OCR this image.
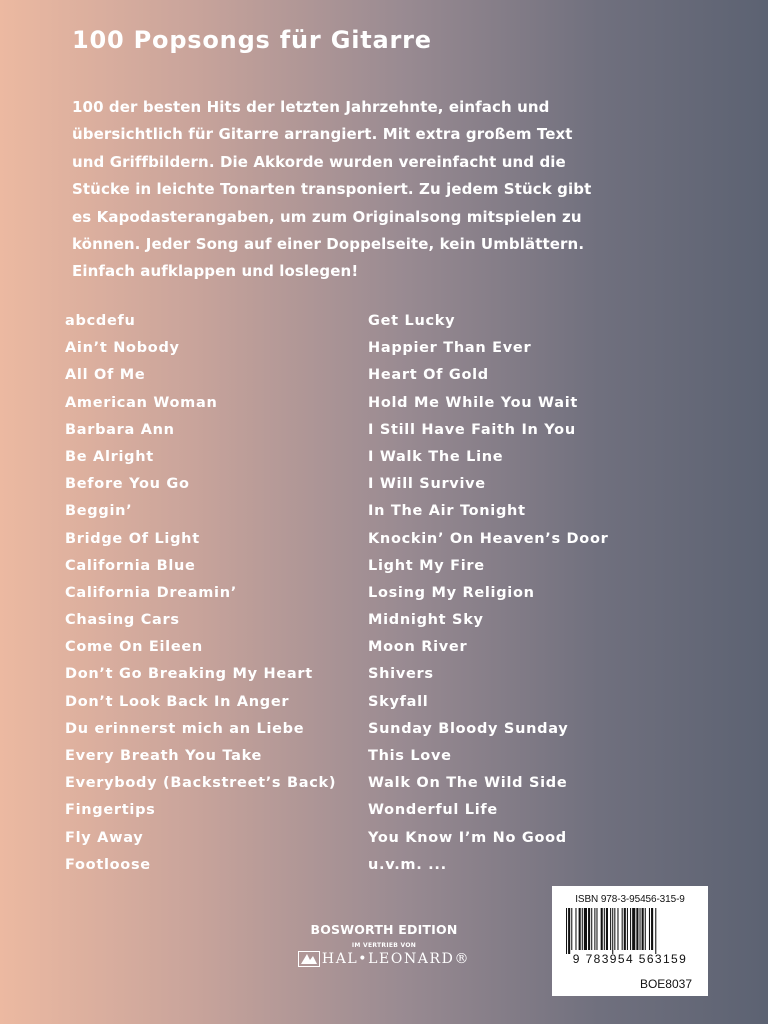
100 Popsongs für Gitarre
100 der besten Hits der letzten Jahrzehnte, einfach und
übersichtlich für Gitarre arrangiert. Mit extra großem Text
und Griffbildern. Die Akkorde wurden vereinfacht und die
Stücke in leichte Tonarten transponiert. Zu jedem Stück gibt
es Kapodasterangaben, um zum Originalsong mitspielen zu
können. Jeder Song auf einer Doppelseite, kein Umblättern.
Einfach aufklappen und loslegen!
abcdefu
Ain’t Nobody
All Of Me
American Woman
Barbara Ann
Be Alright
Before You Go
Beggin’
Bridge Of Light
California Blue
California Dreamin’
Chasing Cars
Come On Eileen
Don’t Go Breaking My Heart
Don’t Look Back In Anger
Du erinnerst mich an Liebe
Every Breath You Take
Everybody (Backstreet’s Back)
Fingertips
Fly Away
Footloose
Get Lucky
Happier Than Ever
Heart Of Gold
Hold Me While You Wait
I Still Have Faith In You
I Walk The Line
I Will Survive
In The Air Tonight
Knockin’ On Heaven’s Door
Light My Fire
Losing My Religion
Midnight Sky
Moon River
Shivers
Skyfall
Sunday Bloody Sunday
This Love
Walk On The Wild Side
Wonderful Life
You Know I’m No Good
u.v.m. ...
BOSWORTH EDITION
IM VERTRIEB VON
HAL•LEONARD®
ISBN 978-3-95456-315-9
9 783954 563159
BOE8037
